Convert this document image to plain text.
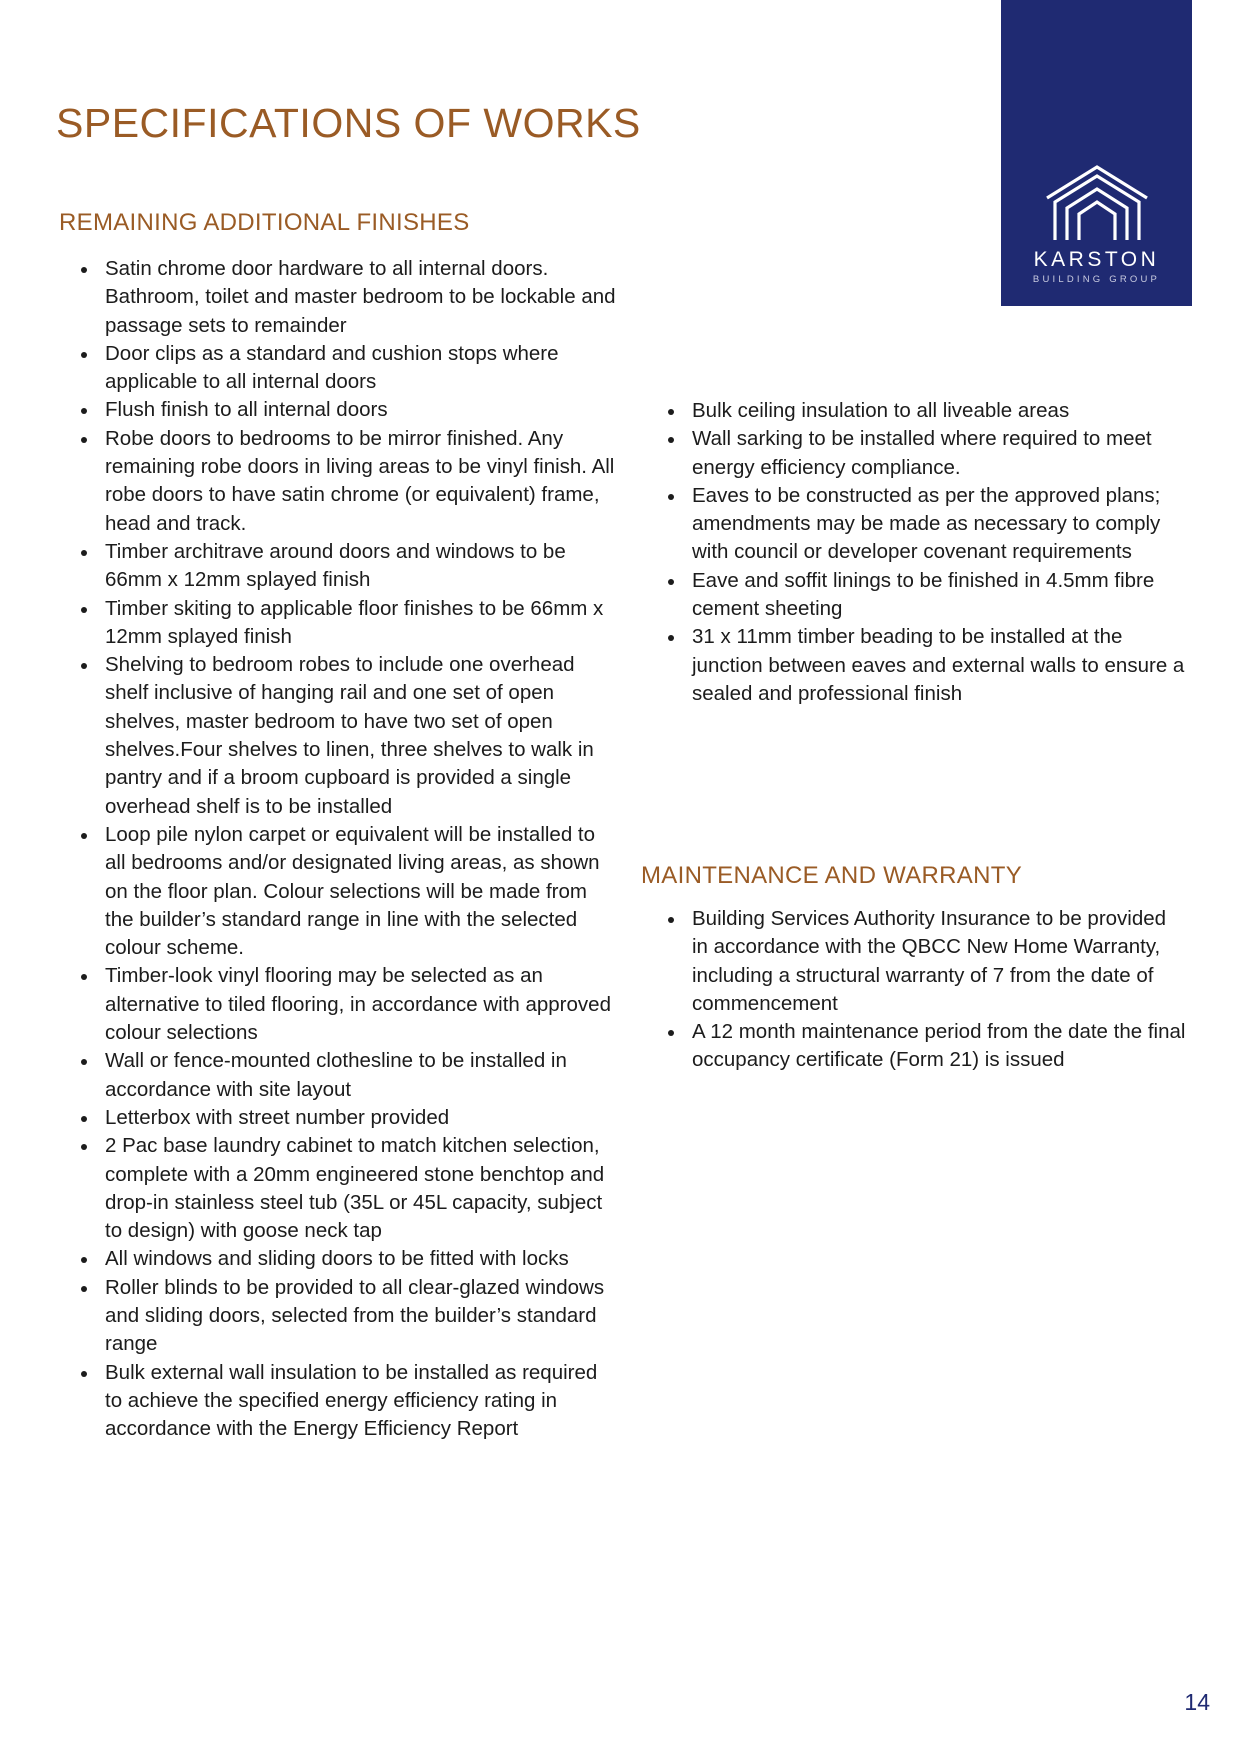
KARSTON
BUILDING GROUP
SPECIFICATIONS OF WORKS
REMAINING ADDITIONAL FINISHES
Satin chrome door hardware to all internal doors. Bathroom, toilet and master bedroom to be lockable and passage sets to remainder
Door clips as a standard and cushion stops where applicable to all internal doors
Flush finish to all internal doors
Robe doors to bedrooms to be mirror finished. Any remaining robe doors in living areas to be vinyl finish. All robe doors to have satin chrome (or equivalent) frame, head and track.
Timber architrave around doors and windows to be 66mm x 12mm splayed finish
Timber skiting to applicable floor finishes to be 66mm x 12mm splayed finish
Shelving to bedroom robes to include one overhead shelf inclusive of hanging rail and one set of open shelves, master bedroom to have two set of open shelves.Four shelves to linen, three shelves to walk in pantry and if a broom cupboard is provided a single overhead shelf is to be installed
Loop pile nylon carpet or equivalent will be installed to all bedrooms and/or designated living areas, as shown on the floor plan. Colour selections will be made from the builder’s standard range in line with the selected colour scheme.
Timber-look vinyl flooring may be selected as an alternative to tiled flooring, in accordance with approved colour selections
Wall or fence-mounted clothesline to be installed in accordance with site layout
Letterbox with street number provided
2 Pac base laundry cabinet to match kitchen selection, complete with a 20mm engineered stone benchtop and drop-in stainless steel tub (35L or 45L capacity, subject to design) with goose neck tap
All windows and sliding doors to be fitted with locks
Roller blinds to be provided to all clear-glazed windows and sliding doors, selected from the builder’s standard range
Bulk external wall insulation to be installed as required to achieve the specified energy efficiency rating in accordance with the Energy Efficiency Report
Bulk ceiling insulation to all liveable areas
Wall sarking to be installed where required to meet energy efficiency compliance.
Eaves to be constructed as per the approved plans; amendments may be made as necessary to comply with council or developer covenant requirements
Eave and soffit linings to be finished in 4.5mm fibre cement sheeting
31 x 11mm timber beading to be installed at the junction between eaves and external walls to ensure a sealed and professional finish
MAINTENANCE AND WARRANTY
Building Services Authority Insurance to be provided in accordance with the QBCC New Home Warranty, including a structural warranty of 7 from the date of commencement
A 12 month maintenance period from the date the final occupancy certificate (Form 21) is issued
14
